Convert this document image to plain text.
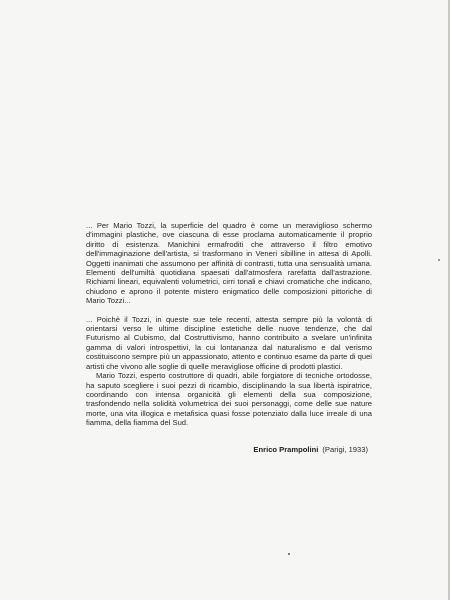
... Per Mario Tozzi, la superficie del quadro è come un meraviglioso schermo d'immagini plastiche, ove ciascuna di esse proclama automaticamente il proprio diritto di esistenza. Manichini ermafroditi che attraverso il filtro emotivo dell'immaginazione dell'artista, si trasformano in Veneri sibilline in attesa di Apolli. Oggetti inanimati che assumono per affinità di contrasti, tutta una sensualità umana. Elementi dell'umiltà quotidiana spaesati dall'atmosfera rarefatta dall'astrazione. Richiami lineari, equivalenti volumetrici, cirri tonali e chiavi cromatiche che indicano, chiudono e aprono il potente mistero enigmatico delle composizioni pittoriche di Mario Tozzi...

... Poichè il Tozzi, in queste sue tele recenti, attesta sempre più la volontà di orientarsi verso le ultime discipline estetiche delle nuove tendenze, che dal Futurismo al Cubismo, dal Costruttivismo, hanno contribuito a svelare un'infinita gamma di valori introspettivi, la cui lontananza dal naturalismo e dal verismo costituiscono sempre più un appassionato, attento e continuo esame da parte di quei artisti che vivono alle soglie di quelle meravigliose officine di prodotti plastici.

Mario Tozzi, esperto costruttore di quadri, abile forgiatore di tecniche ortodosse, ha saputo scegliere i suoi pezzi di ricambio, disciplinando la sua libertà ispiratrice, coordinando con intensa organicità gli elementi della sua composizione, trasfondendo nella solidità volumetrica dei suoi personaggi, come delle sue nature morte, una vita illogica e metafisica quasi fosse potenziato dalla luce irreale di una fiamma, della fiamma del Sud.

Enrico Prampolini (Parigi, 1933)
